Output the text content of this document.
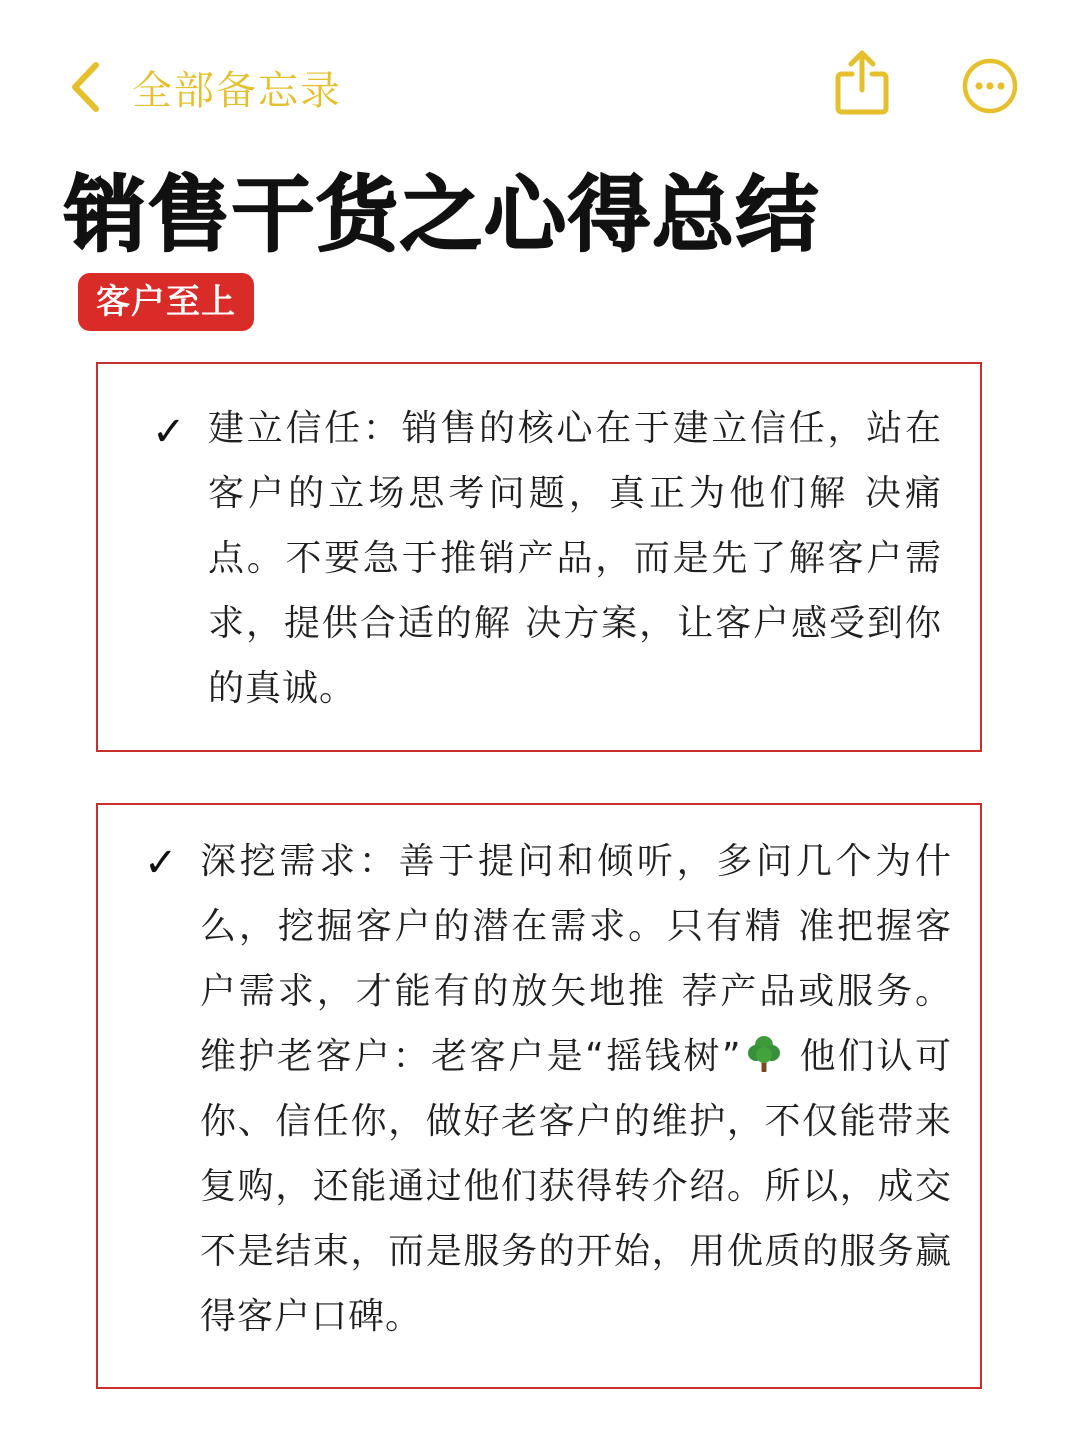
全部备忘录
销售干货之心得总结
客户至上
✓ 建立信任：销售的核心在于建立信任，站在客户的立场思考问题，真正为他们解 决痛点。不要急于推销产品，而是先了解客户需求，提供合适的解 决方案，让客户感受到你的真诚。

✓ 深挖需求：善于提问和倾听，多问几个为什么，挖掘客户的潜在需求。只有精 准把握客户需求，才能有的放矢地推 荐产品或服务。维护老客户：老客户是“摇钱树” 他们认可你、信任你，做好老客户的维护，不仅能带来复购，还能通过他们获得转介绍。所以，成交不是结束，而是服务的开始，用优质的服务赢得客户口碑。
